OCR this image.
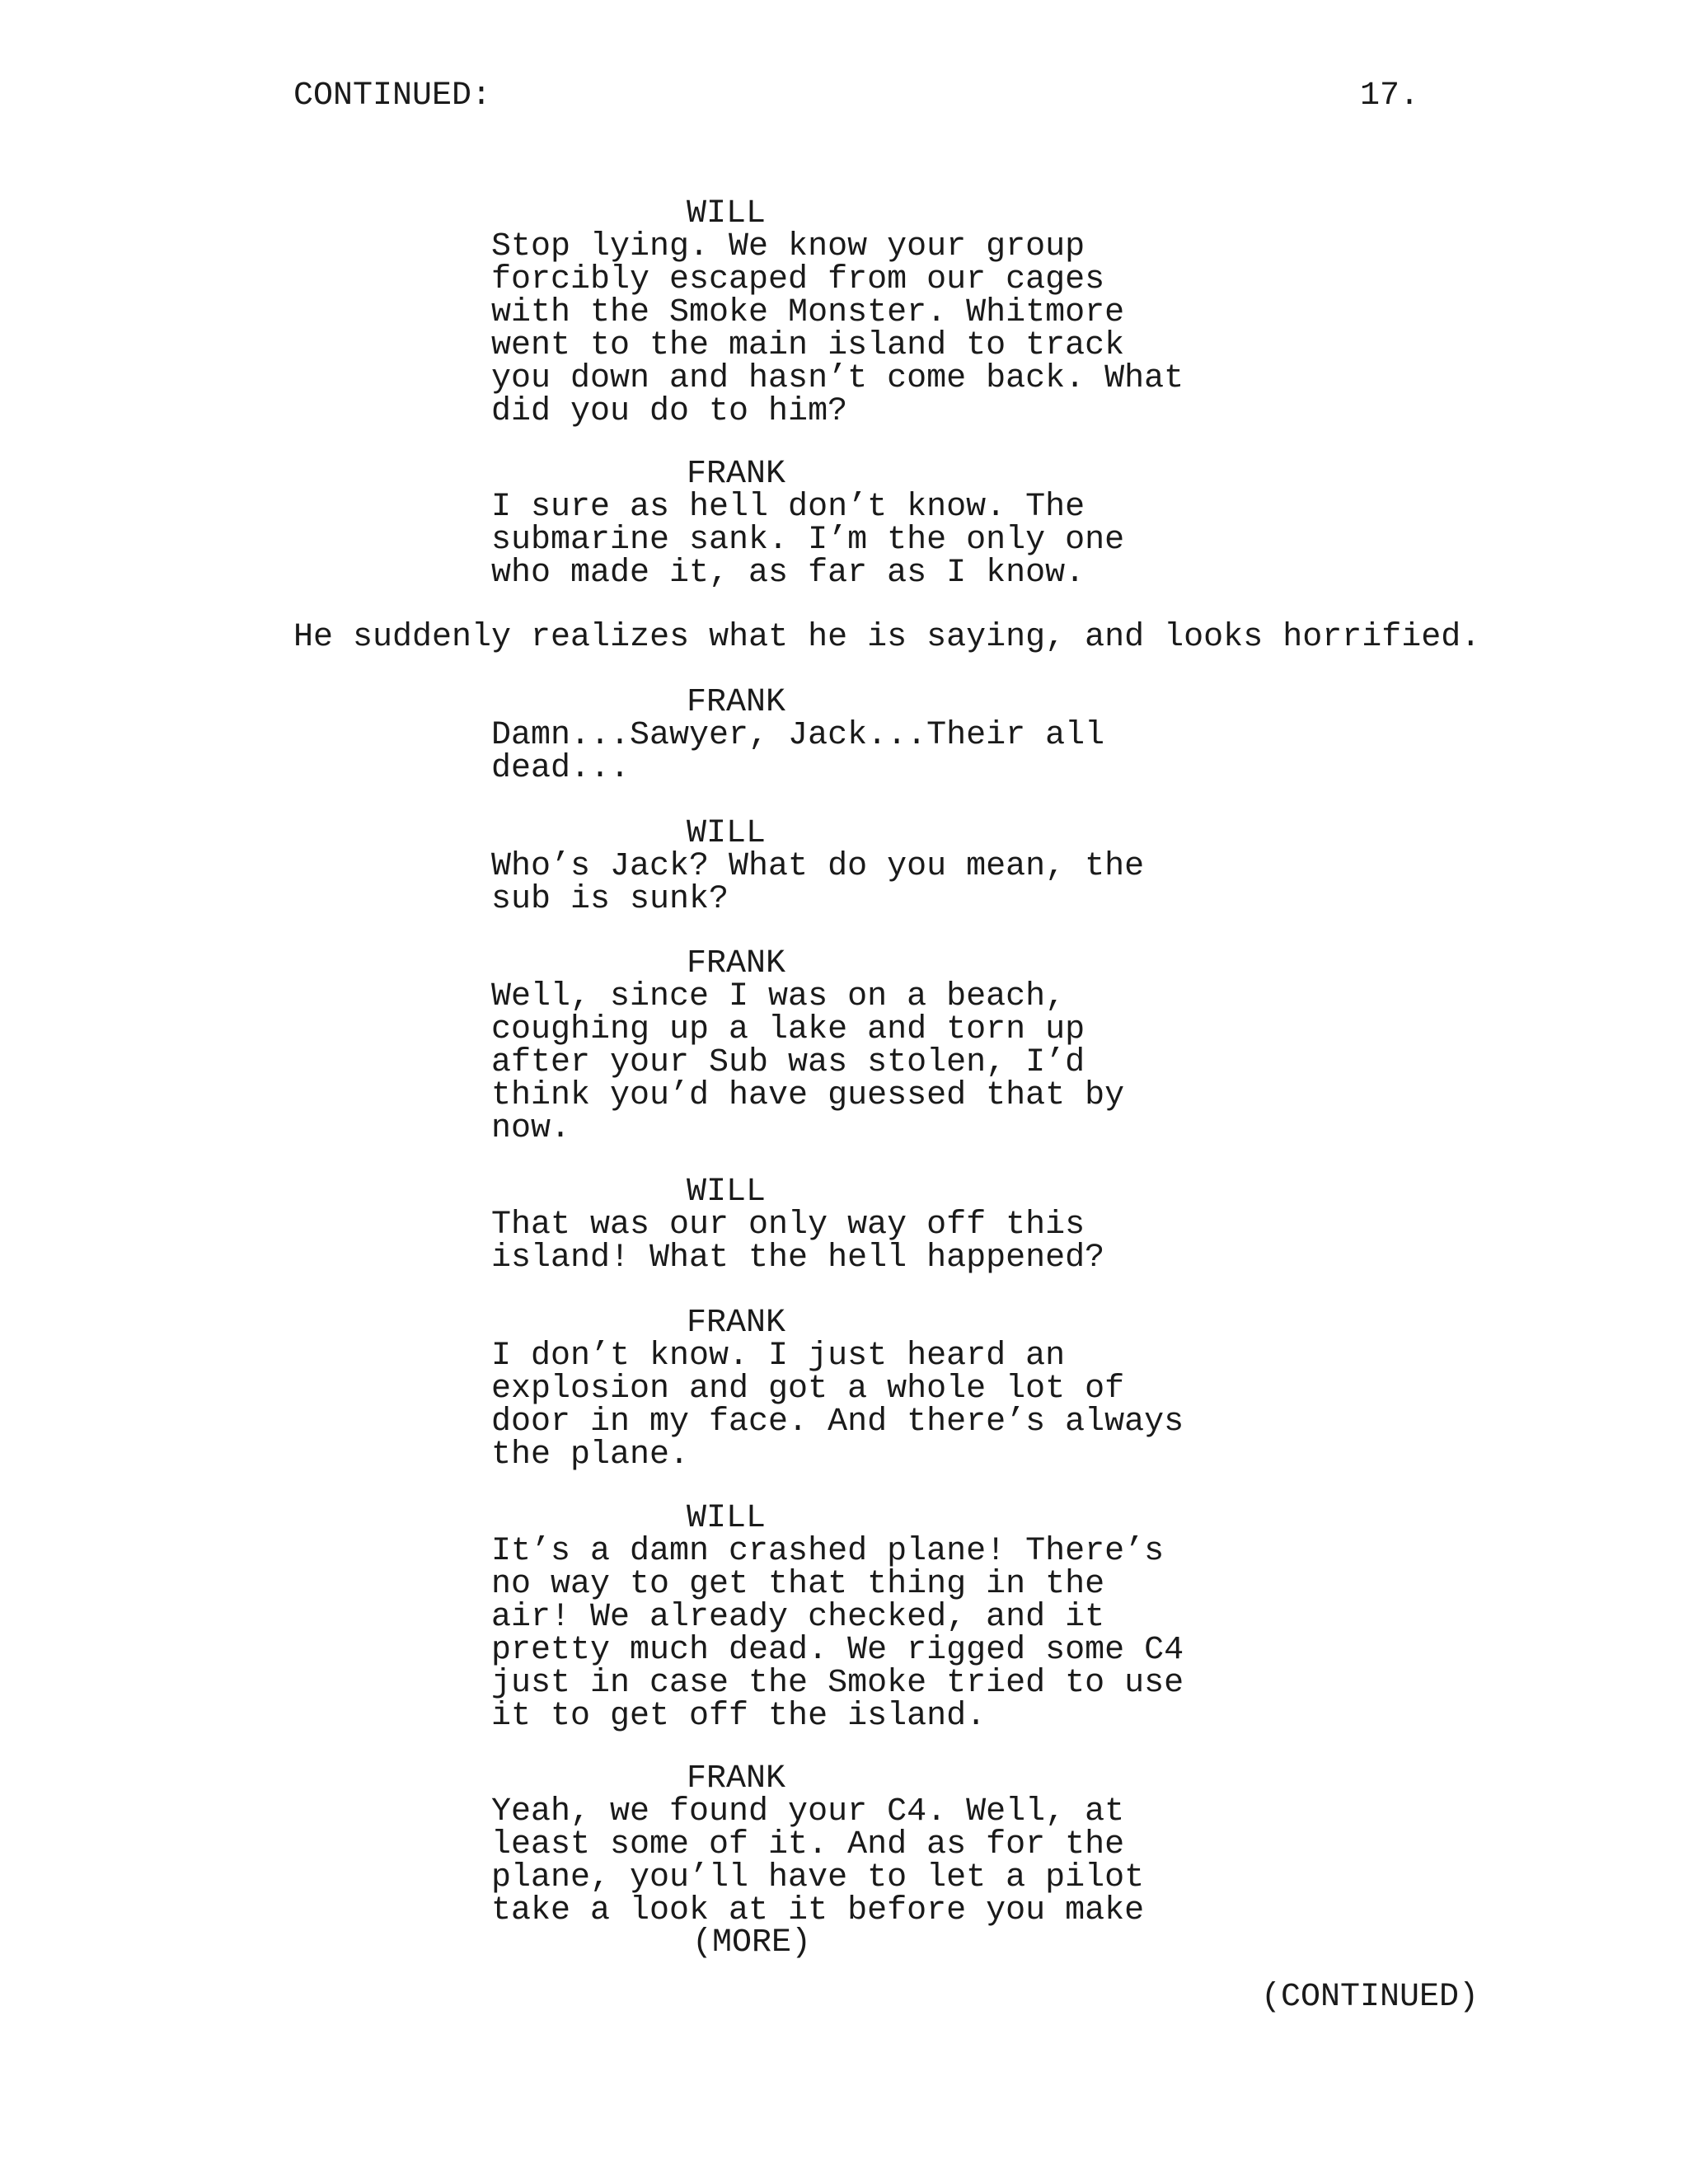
CONTINUED:	17.
WILL
Stop lying. We know your group
forcibly escaped from our cages
with the Smoke Monster. Whitmore
went to the main island to track
you down and hasn’t come back. What
did you do to him?
FRANK
I sure as hell don’t know. The
submarine sank. I’m the only one
who made it, as far as I know.
He suddenly realizes what he is saying, and looks horrified.
FRANK
Damn...Sawyer, Jack...Their all
dead...
WILL
Who’s Jack? What do you mean, the
sub is sunk?
FRANK
Well, since I was on a beach,
coughing up a lake and torn up
after your Sub was stolen, I’d
think you’d have guessed that by
now.
WILL
That was our only way off this
island! What the hell happened?
FRANK
I don’t know. I just heard an
explosion and got a whole lot of
door in my face. And there’s always
the plane.
WILL
It’s a damn crashed plane! There’s
no way to get that thing in the
air! We already checked, and it
pretty much dead. We rigged some C4
just in case the Smoke tried to use
it to get off the island.
FRANK
Yeah, we found your C4. Well, at
least some of it. And as for the
plane, you’ll have to let a pilot
take a look at it before you make
(MORE)
(CONTINUED)
